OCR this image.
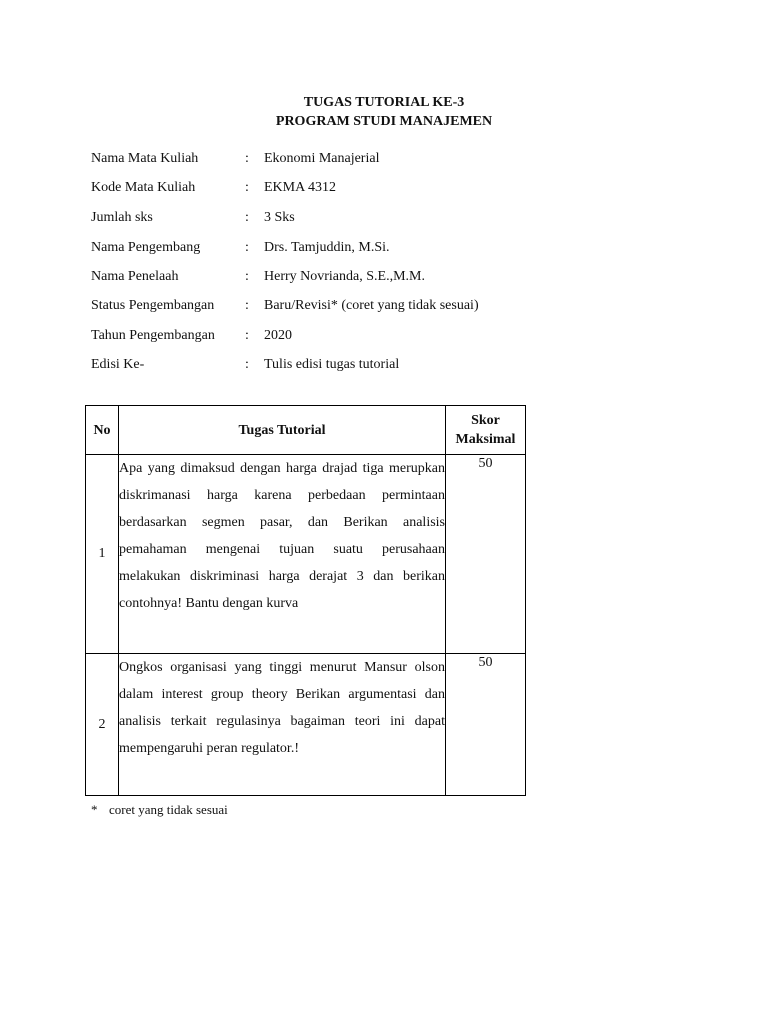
TUGAS TUTORIAL KE-3
PROGRAM STUDI MANAJEMEN
Nama Mata Kuliah	: Ekonomi Manajerial
Kode Mata Kuliah	: EKMA 4312
Jumlah sks	: 3 Sks
Nama Pengembang	: Drs. Tamjuddin, M.Si.
Nama Penelaah	: Herry Novrianda, S.E.,M.M.
Status Pengembangan : Baru/Revisi* (coret yang tidak sesuai)
Tahun Pengembangan : 2020
Edisi Ke-	: Tulis edisi tugas tutorial
No	Tugas Tutorial	Skor
Maksimal
1	Apa yang dimaksud dengan harga drajad tiga merupkan diskrimanasi harga karena perbedaan permintaan berdasarkan segmen pasar, dan Berikan analisis pemahaman mengenai tujuan suatu perusahaan melakukan diskriminasi harga derajat 3 dan berikan contohnya! Bantu dengan kurva	50
2	Ongkos organisasi yang tinggi menurut Mansur olson dalam interest group theory Berikan argumentasi dan analisis terkait regulasinya bagaiman teori ini dapat mempengaruhi peran regulator.!	50
* coret yang tidak sesuai
